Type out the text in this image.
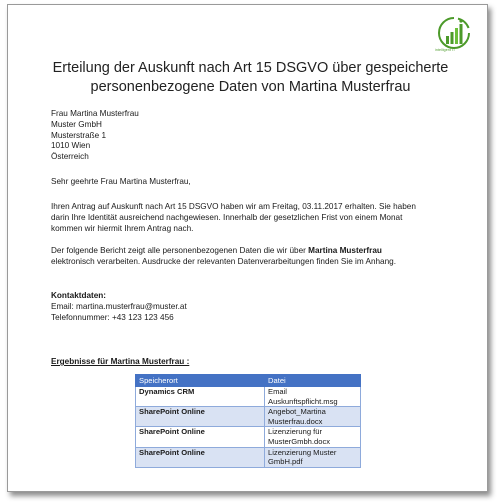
intelligent IT
Erteilung der Auskunft nach Art 15 DSGVO über gespeicherte
personenbezogene Daten von Martina Musterfrau
Frau Martina Musterfrau
Muster GmbH
Musterstraße 1
1010 Wien
Österreich
Sehr geehrte Frau Martina Musterfrau,
Ihren Antrag auf Auskunft nach Art 15 DSGVO haben wir am Freitag, 03.11.2017 erhalten. Sie haben
darin Ihre Identität ausreichend nachgewiesen. Innerhalb der gesetzlichen Frist von einem Monat
kommen wir hiermit Ihrem Antrag nach.
Der folgende Bericht zeigt alle personenbezogenen Daten die wir über Martina Musterfrau
elektronisch verarbeiten. Ausdrucke der relevanten Datenverarbeitungen finden Sie im Anhang.
Kontaktdaten:
Email: martina.musterfrau@muster.at
Telefonnummer: +43 123 123 456
Ergebnisse für Martina Musterfrau :
Speicherort	Datei
Dynamics CRM	Email
Auskunftspflicht.msg

SharePoint Online	Angebot_Martina
Musterfrau.docx

SharePoint Online	Lizenzierung für
MusterGmbh.docx

SharePoint Online	Lizenzierung Muster
GmbH.pdf
